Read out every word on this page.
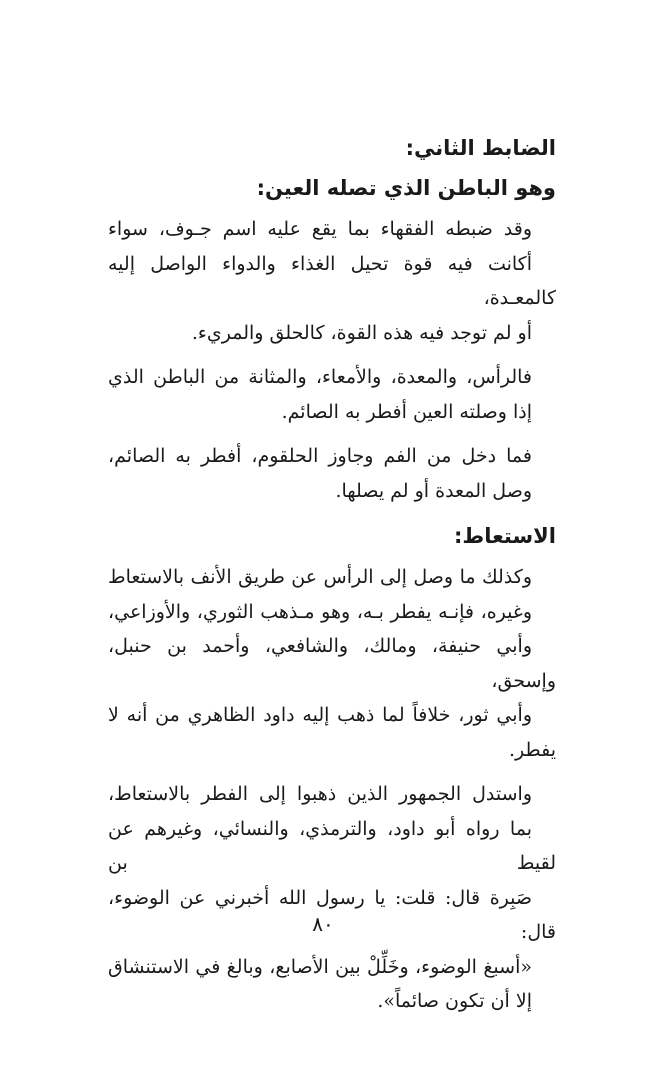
الضابط الثاني:
وهو الباطن الذي تصله العين:

وقد ضبطه الفقهاء بما يقع عليه اسم جـوف، سواء
أكانت فيه قوة تحيل الغذاء والدواء الواصل إليه كالمعـدة،
أو لم توجد فيه هذه القوة، كالحلق والمريء.

فالرأس، والمعدة، والأمعاء، والمثانة من الباطن الذي
إذا وصلته العين أفطر به الصائم.

فما دخل من الفم وجاوز الحلقوم، أفطر به الصائم،
وصل المعدة أو لم يصلها.

الاستعاط:

وكذلك ما وصل إلى الرأس عن طريق الأنف بالاستعاط
وغيره، فإنـه يفطر بـه، وهو مـذهب الثوري، والأوزاعي،
وأبي حنيفة، ومالك، والشافعي، وأحمد بن حنبل، وإسحق،
وأبي ثور، خلافاً لما ذهب إليه داود الظاهري من أنه لا يفطر.

واستدل الجمهور الذين ذهبوا إلى الفطر بالاستعاط،
بما رواه أبو داود، والترمذي، والنسائي، وغيرهم عن لقيط بن
صَبِرة قال: قلت: يا رسول الله أخبرني عن الوضوء، قال:
«أسبغ الوضوء، وخَلِّلْ بين الأصابع، وبالغ في الاستنشاق
إلا أن تكون صائماً».

٨٠
